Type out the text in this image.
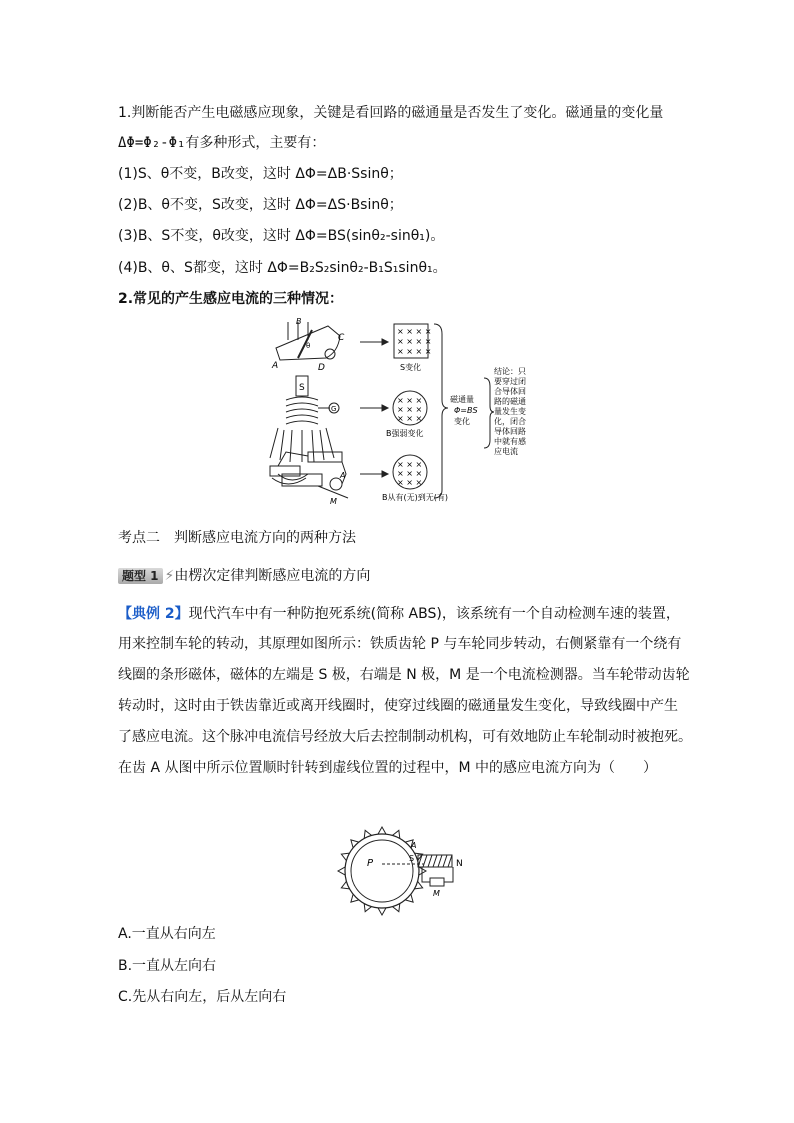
1.判断能否产生电磁感应现象，关键是看回路的磁通量是否发生了变化。磁通量的变化量
ΔΦ=Φ₂-Φ₁有多种形式，主要有：
(1)S、θ不变，B改变，这时 ΔΦ=ΔB·Ssinθ；
(2)B、θ不变，S改变，这时 ΔΦ=ΔS·Bsinθ；
(3)B、S不变，θ改变，这时 ΔΦ=BS(sinθ₂-sinθ₁)。
(4)B、θ、S都变，这时 ΔΦ=B₂S₂sinθ₂-B₁S₁sinθ₁。
2.常见的产生感应电流的三种情况：
A
B
C
D
θ
S
G
A
M
× × × ×
× × × ×
× × × ×
S变化
× × ×
× × ×
× × ×
B强弱变化
× × ×
× × ×
× × ×
B从有(无)到无(有)
磁通量
Φ=BS
变化
结论：只
要穿过闭
合导体回
路的磁通
量发生变
化，闭合
导体回路
中就有感
应电流
考点二　判断感应电流方向的两种方法
题型 1 ⚡由楞次定律判断感应电流的方向
【典例 2】现代汽车中有一种防抱死系统(简称 ABS)，该系统有一个自动检测车速的装置，
用来控制车轮的转动，其原理如图所示：铁质齿轮 P 与车轮同步转动，右侧紧靠有一个绕有
线圈的条形磁体，磁体的左端是 S 极，右端是 N 极，M 是一个电流检测器。当车轮带动齿轮
转动时，这时由于铁齿靠近或离开线圈时，使穿过线圈的磁通量发生变化，导致线圈中产生
了感应电流。这个脉冲电流信号经放大后去控制制动机构，可有效地防止车轮制动时被抱死。
在齿 A 从图中所示位置顺时针转到虚线位置的过程中，M 中的感应电流方向为（　　）
P
A
S
N
M
A.一直从右向左
B.一直从左向右
C.先从右向左，后从左向右
